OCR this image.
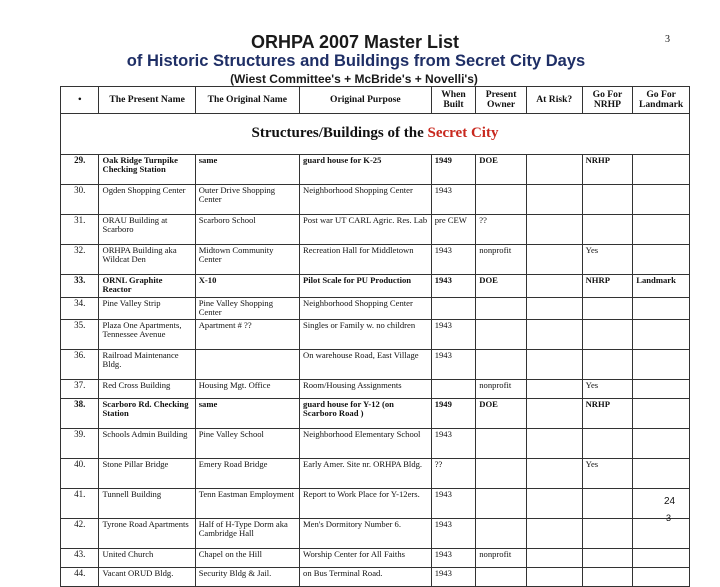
ORHPA 2007 Master List
of Historic Structures and Buildings from Secret City Days
(Wiest Committee's + McBride's + Novelli's)
3
•	The Present Name	The Original Name	Original Purpose	When Built	Present Owner	At Risk?	Go For NRHP	Go For Landmark
Structures/Buildings of the Secret City								
29.	Oak Ridge Turnpike Checking Station	same	guard house for K-25	1949	DOE		NRHP	
30.	Ogden Shopping Center	Outer Drive Shopping Center	Neighborhood Shopping Center	1943				
31.	ORAU Building at Scarboro	Scarboro School	Post war UT CARL Agric. Res. Lab	pre CEW	??			
32.	ORHPA Building aka Wildcat Den	Midtown Community Center	Recreation Hall for Middletown	1943	nonprofit		Yes	
33.	ORNL Graphite Reactor	X-10	Pilot Scale for PU Production	1943	DOE		NHRP	Landmark
34.	Pine Valley Strip	Pine Valley Shopping Center	Neighborhood Shopping Center					
35.	Plaza One Apartments, Tennessee Avenue	Apartment # ??	Singles or Family w. no children	1943				
36.	Railroad Maintenance Bldg.		On warehouse Road, East Village	1943				
37.	Red Cross Building	Housing Mgt. Office	Room/Housing Assignments		nonprofit		Yes	
38.	Scarboro Rd. Checking Station	same	guard house for Y-12 (on Scarboro Road )	1949	DOE		NRHP	
39.	Schools Admin Building	Pine Valley School	Neighborhood Elementary School	1943				
40.	Stone Pillar Bridge	Emery Road Bridge	Early Amer. Site nr. ORHPA Bldg.	??			Yes	
41.	Tunnell Building	Tenn Eastman Employment	Report to Work Place for Y-12ers.	1943				
42.	Tyrone Road Apartments	Half of H-Type Dorm aka Cambridge Hall	Men's Dormitory Number 6.	1943				
43.	United Church	Chapel on the Hill	Worship Center for All Faiths	1943	nonprofit			
44.	Vacant ORUD Bldg.	Security Bldg & Jail.	on Bus Terminal Road.	1943				
24
3
